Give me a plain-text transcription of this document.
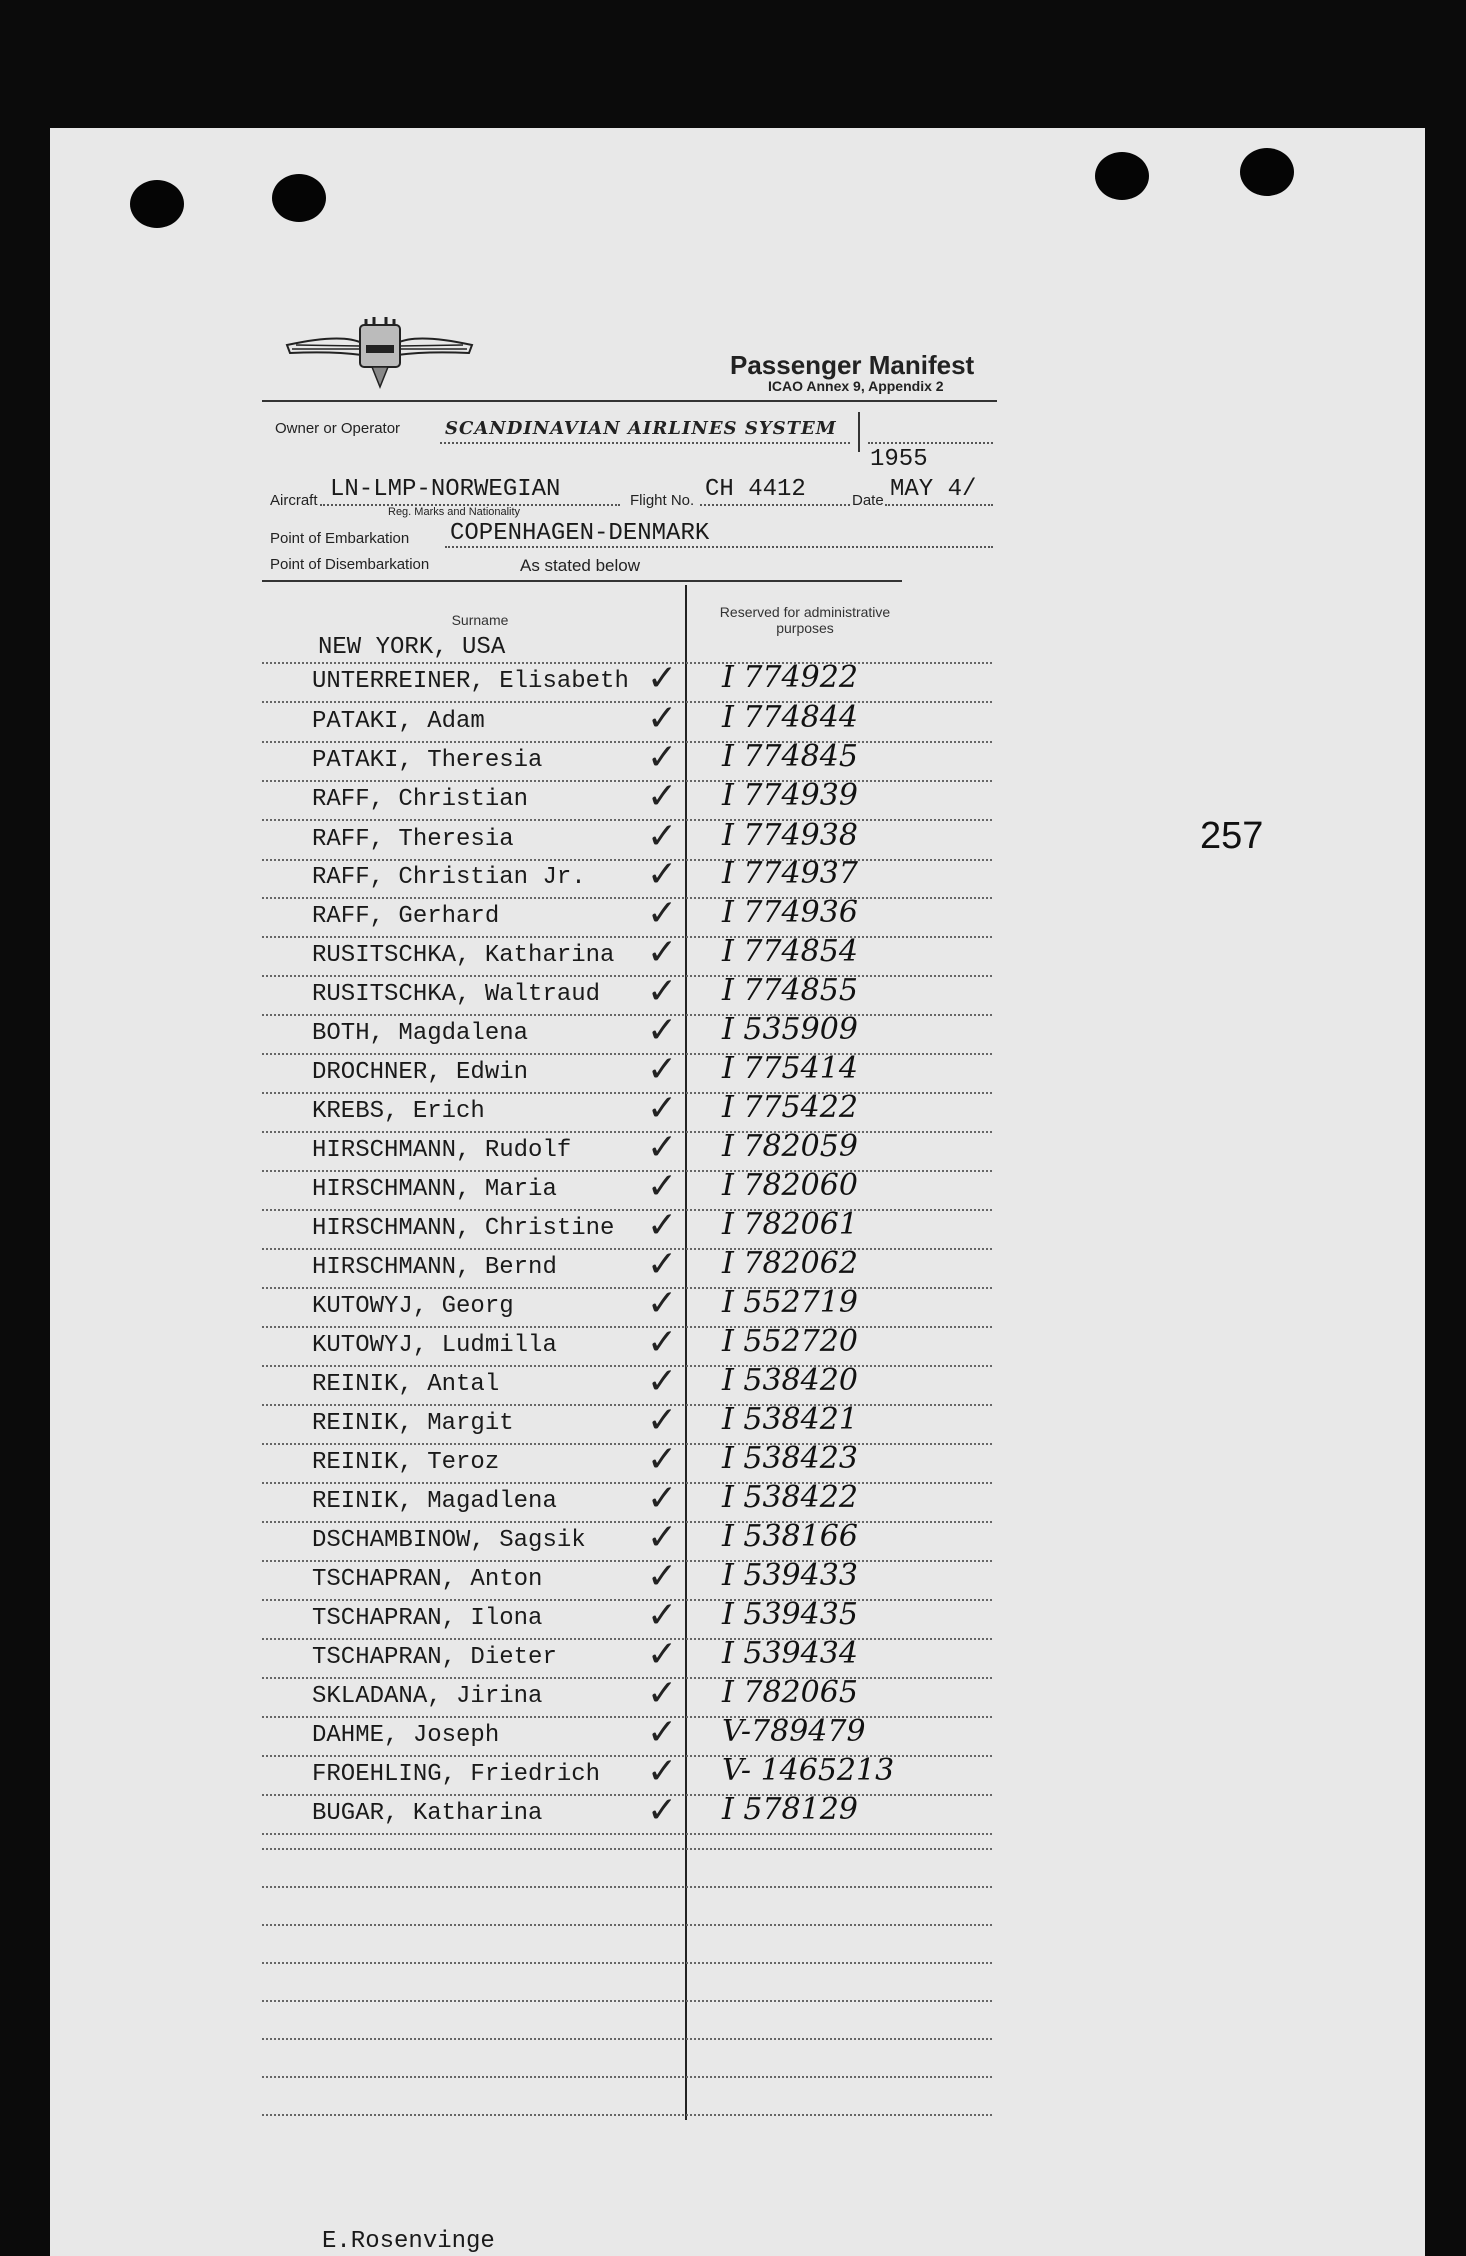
257
Passenger Manifest
ICAO Annex 9, Appendix 2
Owner or Operator SCANDINAVIAN AIRLINES SYSTEM
1955
Aircraft LN-LMP-NORWEGIAN
Reg. Marks and Nationality
Flight No. CH 4412	Date MAY 4/
Point of Embarkation COPENHAGEN-DENMARK
Point of Disembarkation	As stated below
Surname	Reserved for administrative purposes
NEW YORK, USA
UNTERREINER, Elisabeth ✓ I 774922
PATAKI, Adam	✓ I 774844
PATAKI, Theresia	✓ I 774845
RAFF, Christian	✓ I 774939
RAFF, Theresia	✓ I 774938
RAFF, Christian Jr. ✓ I 774937
RAFF, Gerhard	✓ I 774936
RUSITSCHKA, Katharina ✓ I 774854
RUSITSCHKA, Waltraud ✓ I 774855
BOTH, Magdalena	✓ I 535909
DROCHNER, Edwin	✓ I 775414
KREBS, Erich	✓ I 775422
HIRSCHMANN, Rudolf ✓ I 782059
HIRSCHMANN, Maria	✓ I 782060
HIRSCHMANN, Christine ✓ I 782061
HIRSCHMANN, Bernd	✓ I 782062
KUTOWYJ, Georg	✓ I 552719
KUTOWYJ, Ludmilla	✓ I 552720
REINIK, Antal	✓ I 538420
REINIK, Margit	✓ I 538421
REINIK, Teroz	✓ I 538423
REINIK, Magadlena	✓ I 538422
DSCHAMBINOW, Sagsik ✓ I 538166
TSCHAPRAN, Anton	✓ I 539433
TSCHAPRAN, Ilona	✓ I 539435
TSCHAPRAN, Dieter	✓ I 539434
SKLADANA, Jirina	✓ I 782065
DAHME, Joseph	✓ V-789479
FROEHLING, Friedrich ✓ V- 1465213
BUGAR, Katharina	✓ I 578129
E.Rosenvinge
